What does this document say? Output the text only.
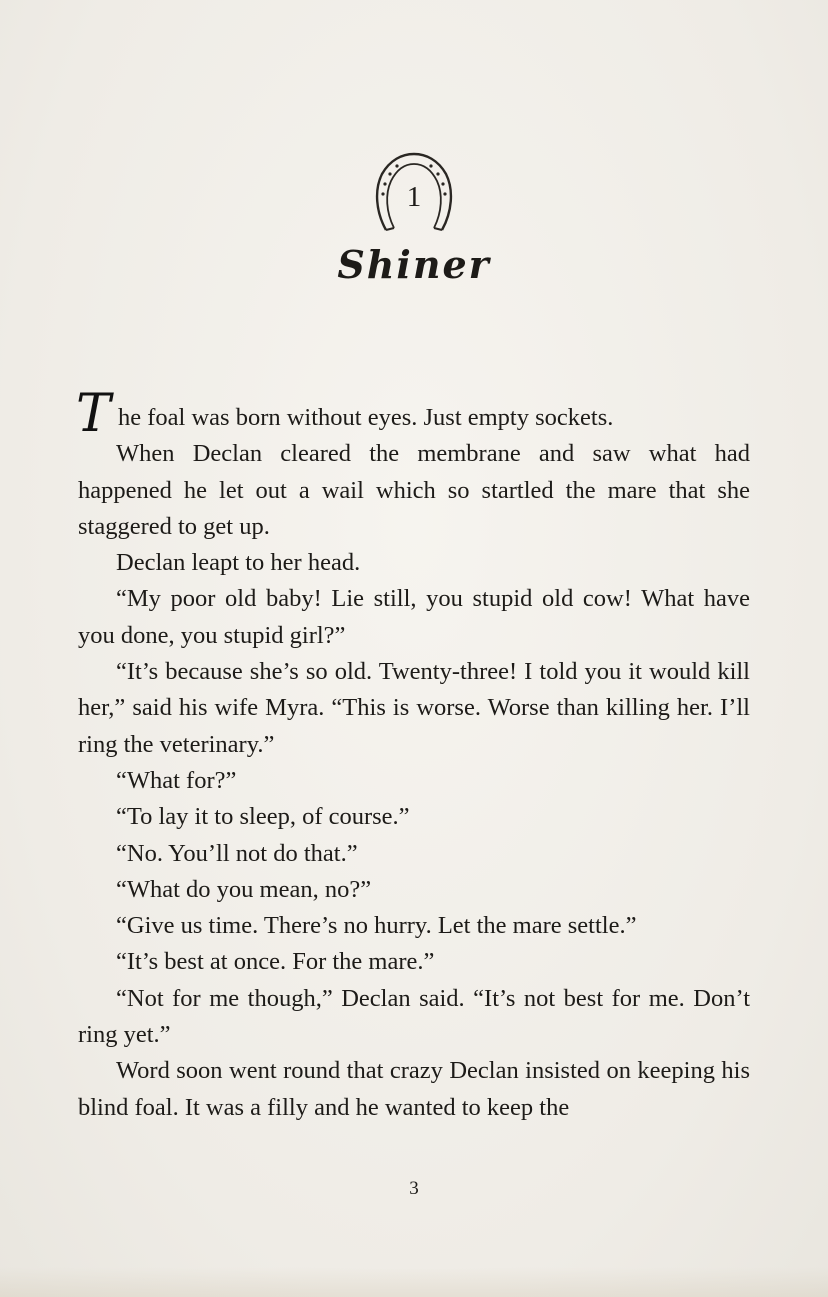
1
Shiner

The foal was born without eyes. Just empty sockets.

When Declan cleared the membrane and saw what had happened he let out a wail which so startled the mare that she staggered to get up.

Declan leapt to her head.

“My poor old baby! Lie still, you stupid old cow! What have you done, you stupid girl?”

“It’s because she’s so old. Twenty-three! I told you it would kill her,” said his wife Myra. “This is worse. Worse than killing her. I’ll ring the veterinary.”

“What for?”

“To lay it to sleep, of course.”

“No. You’ll not do that.”

“What do you mean, no?”

“Give us time. There’s no hurry. Let the mare settle.”

“It’s best at once. For the mare.”

“Not for me though,” Declan said. “It’s not best for me. Don’t ring yet.”

Word soon went round that crazy Declan insisted on keeping his blind foal. It was a filly and he wanted to keep the

3
